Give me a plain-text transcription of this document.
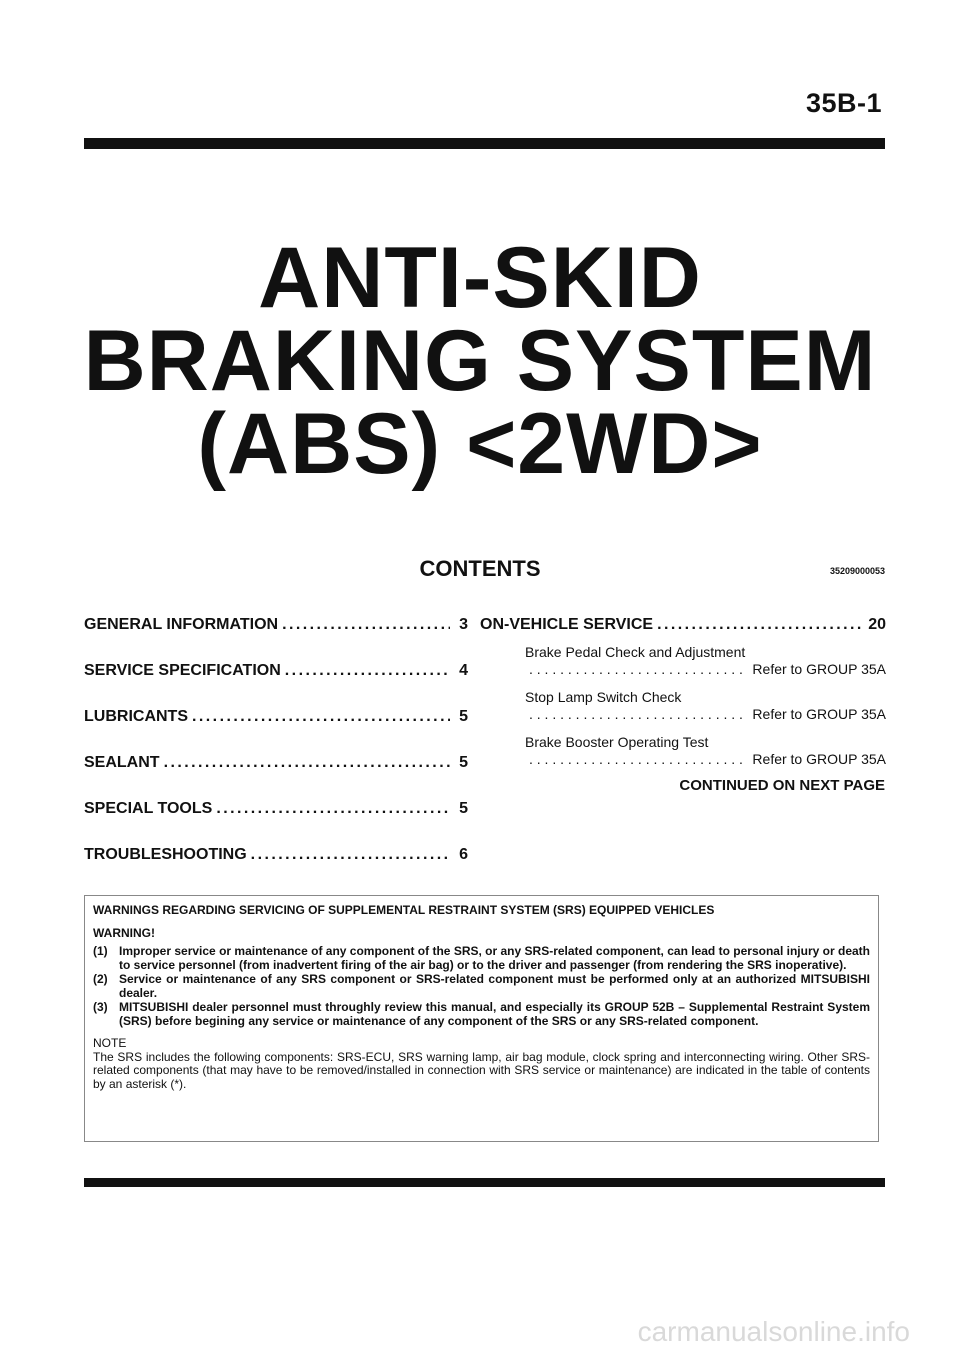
35B-1
ANTI-SKID
BRAKING SYSTEM
(ABS) <2WD>
CONTENTS	35209000053
GENERAL INFORMATION . . .	3
SERVICE SPECIFICATION . . .	4
LUBRICANTS . . .	5
SEALANT . . .	5
SPECIAL TOOLS . . .	5
TROUBLESHOOTING . . .	6
ON-VEHICLE SERVICE . . .	20
Brake Pedal Check and Adjustment
. . .
Refer to GROUP 35A
Stop Lamp Switch Check
. . .
Refer to GROUP 35A
Brake Booster Operating Test
. . .
Refer to GROUP 35A
CONTINUED ON NEXT PAGE
WARNINGS REGARDING SERVICING OF SUPPLEMENTAL RESTRAINT SYSTEM (SRS) EQUIPPED VEHICLES
WARNING!
(1) Improper service or maintenance of any component of the SRS, or any SRS-related component, can lead to personal injury or death to service personnel (from inadvertent firing of the air bag) or to the driver and passenger (from rendering the SRS inoperative).
(2) Service or maintenance of any SRS component or SRS-related component must be performed only at an authorized MITSUBISHI dealer.
(3) MITSUBISHI dealer personnel must throughly review this manual, and especially its GROUP 52B – Supplemental Restraint System (SRS) before begining any service or maintenance of any component of the SRS or any SRS-related component.
NOTE
The SRS includes the following components: SRS-ECU, SRS warning lamp, air bag module, clock spring and interconnecting wiring. Other SRS-related components (that may have to be removed/installed in connection with SRS service or maintenance) are indicated in the table of contents by an asterisk (*).
carmanualsonline.info
